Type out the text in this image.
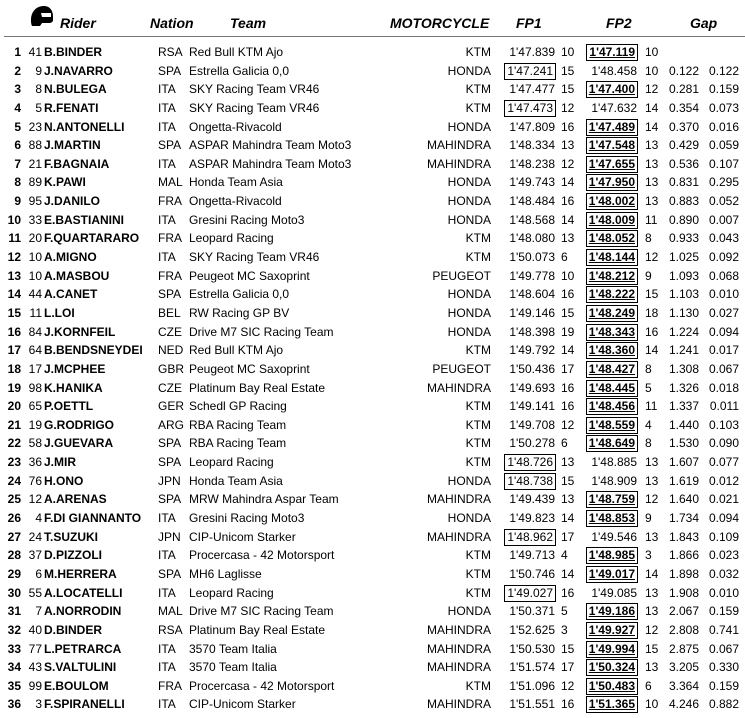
Rider	Nation	Team	MOTORCYCLE FP1	FP2	Gap
1 41 B.BINDER	RSA Red Bull KTM Ajo	KTM 1'47.839 10 1'47.119 10
2 9 J.NAVARRO	SPA Estrella Galicia 0,0	HONDA 1'47.241 15 1'48.458 10 0.122 0.122
3 8 N.BULEGA	ITA SKY Racing Team VR46	KTM 1'47.477 15 1'47.400 12 0.281 0.159
4 5 R.FENATI	ITA SKY Racing Team VR46	KTM 1'47.473 12 1'47.632 14 0.354 0.073
5 23 N.ANTONELLI	ITA Ongetta-Rivacold	HONDA 1'47.809 16 1'47.489 14 0.370 0.016
6 88 J.MARTIN	SPA ASPAR Mahindra Team Moto3	MAHINDRA 1'48.334 13 1'47.548 13 0.429 0.059
7 21 F.BAGNAIA	ITA ASPAR Mahindra Team Moto3	MAHINDRA 1'48.238 12 1'47.655 13 0.536 0.107
8 89 K.PAWI	MAL Honda Team Asia	HONDA 1'49.743 14 1'47.950 13 0.831 0.295
9 95 J.DANILO	FRA Ongetta-Rivacold	HONDA 1'48.484 16 1'48.002 13 0.883 0.052
10 33 E.BASTIANINI	ITA Gresini Racing Moto3	HONDA 1'48.568 14 1'48.009 11 0.890 0.007
11 20 F.QUARTARARO FRA Leopard Racing	KTM 1'48.080 13 1'48.052 8 0.933 0.043
12 10 A.MIGNO	ITA SKY Racing Team VR46	KTM 1'50.073 6 1'48.144 12 1.025 0.092
13 10 A.MASBOU	FRA Peugeot MC Saxoprint	PEUGEOT 1'49.778 10 1'48.212 9 1.093 0.068
14 44 A.CANET	SPA Estrella Galicia 0,0	HONDA 1'48.604 16 1'48.222 15 1.103 0.010
15 11 L.LOI	BEL RW Racing GP BV	HONDA 1'49.146 15 1'48.249 18 1.130 0.027
16 84 J.KORNFEIL	CZE Drive M7 SIC Racing Team	HONDA 1'48.398 19 1'48.343 16 1.224 0.094
17 64 B.BENDSNEYDEI NED Red Bull KTM Ajo	KTM 1'49.792 14 1'48.360 14 1.241 0.017
18 17 J.MCPHEE	GBR Peugeot MC Saxoprint	PEUGEOT 1'50.436 17 1'48.427 8 1.308 0.067
19 98 K.HANIKA	CZE Platinum Bay Real Estate	MAHINDRA 1'49.693 16 1'48.445 5 1.326 0.018
20 65 P.OETTL	GER Schedl GP Racing	KTM 1'49.141 16 1'48.456 11 1.337 0.011
21 19 G.RODRIGO	ARG RBA Racing Team	KTM 1'49.708 12 1'48.559 4 1.440 0.103
22 58 J.GUEVARA	SPA RBA Racing Team	KTM 1'50.278 6 1'48.649 8 1.530 0.090
23 36 J.MIR	SPA Leopard Racing	KTM 1'48.726 13 1'48.885 13 1.607 0.077
24 76 H.ONO	JPN Honda Team Asia	HONDA 1'48.738 15 1'48.909 13 1.619 0.012
25 12 A.ARENAS	SPA MRW Mahindra Aspar Team	MAHINDRA 1'49.439 13 1'48.759 12 1.640 0.021
26 4 F.DI GIANNANTO ITA Gresini Racing Moto3	HONDA 1'49.823 14 1'48.853 9 1.734 0.094
27 24 T.SUZUKI	JPN CIP-Unicom Starker	MAHINDRA 1'48.962 17 1'49.546 13 1.843 0.109
28 37 D.PIZZOLI	ITA Procercasa - 42 Motorsport	KTM 1'49.713 4 1'48.985 3 1.866 0.023
29 6 M.HERRERA	SPA MH6 Laglisse	KTM 1'50.746 14 1'49.017 14 1.898 0.032
30 55 A.LOCATELLI	ITA Leopard Racing	KTM 1'49.027 16 1'49.085 13 1.908 0.010
31 7 A.NORRODIN	MAL Drive M7 SIC Racing Team	HONDA 1'50.371 5 1'49.186 13 2.067 0.159
32 40 D.BINDER	RSA Platinum Bay Real Estate	MAHINDRA 1'52.625 3 1'49.927 12 2.808 0.741
33 77 L.PETRARCA	ITA 3570 Team Italia	MAHINDRA 1'50.530 15 1'49.994 15 2.875 0.067
34 43 S.VALTULINI	ITA 3570 Team Italia	MAHINDRA 1'51.574 17 1'50.324 13 3.205 0.330
35 99 E.BOULOM	FRA Procercasa - 42 Motorsport	KTM 1'51.096 12 1'50.483 6 3.364 0.159
36 3 F.SPIRANELLI	ITA CIP-Unicom Starker	MAHINDRA 1'51.551 16 1'51.365 10 4.246 0.882
